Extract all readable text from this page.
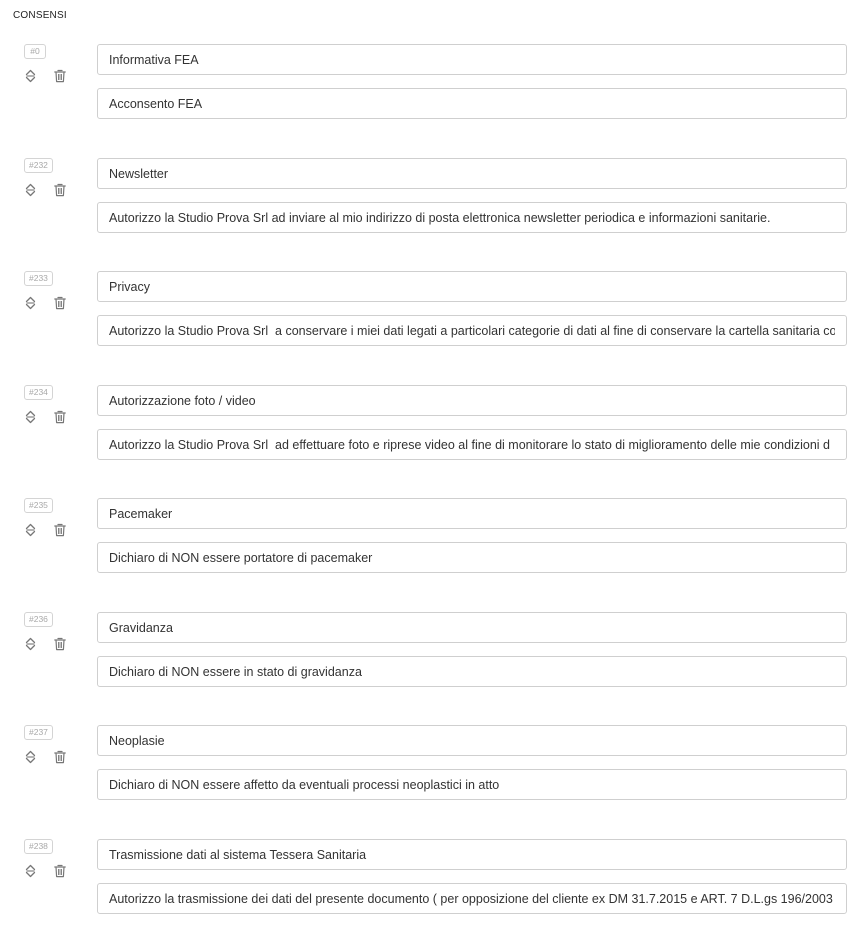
CONSENSI
#0
Informativa FEA
Acconsento FEA
#232
Newsletter
Autorizzo la Studio Prova Srl ad inviare al mio indirizzo di posta elettronica newsletter periodica e informazioni sanitarie.
#233
Privacy
Autorizzo la Studio Prova Srl a conservare i miei dati legati a particolari categorie di dati al fine di conservare la cartella sanitaria con
#234
Autorizzazione foto / video
Autorizzo la Studio Prova Srl ad effettuare foto e riprese video al fine di monitorare lo stato di miglioramento delle mie condizioni d
#235
Pacemaker
Dichiaro di NON essere portatore di pacemaker
#236
Gravidanza
Dichiaro di NON essere in stato di gravidanza
#237
Neoplasie
Dichiaro di NON essere affetto da eventuali processi neoplastici in atto
#238
Trasmissione dati al sistema Tessera Sanitaria
Autorizzo la trasmissione dei dati del presente documento ( per opposizione del cliente ex DM 31.7.2015 e ART. 7 D.L.gs 196/2003 )
